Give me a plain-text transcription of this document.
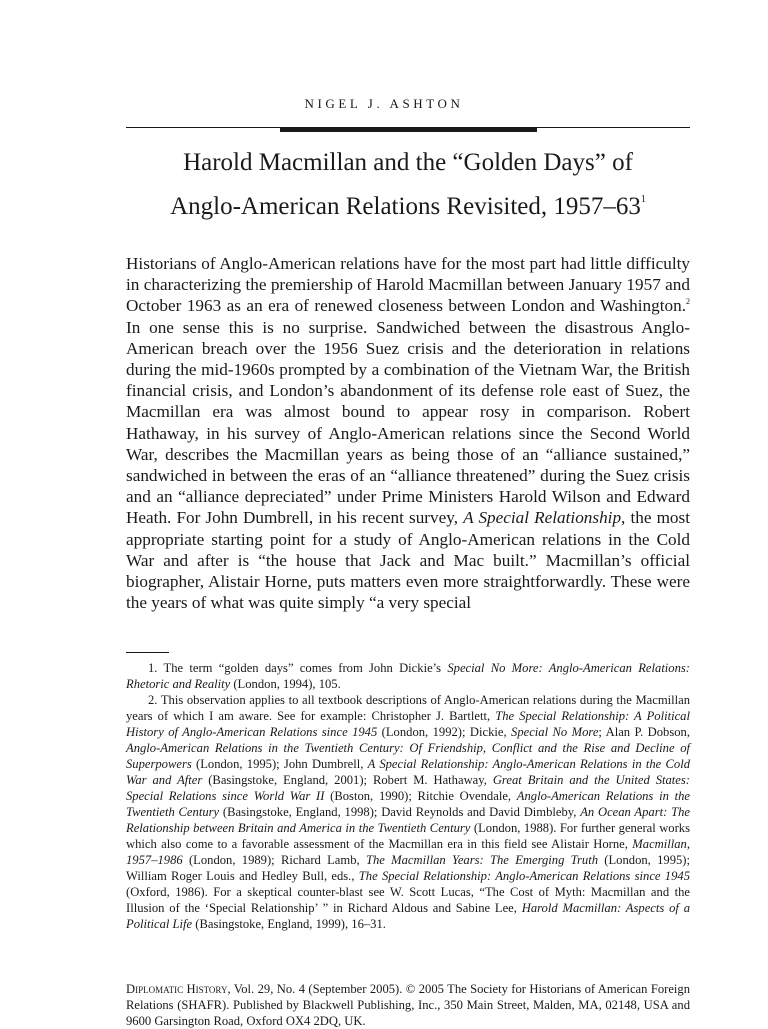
NIGEL J. ASHTON
Harold Macmillan and the “Golden Days” of
Anglo-American Relations Revisited, $1957-63^1$

Historians of Anglo-American relations have for the most part had little difficulty in characterizing the premiership of Harold Macmillan between January 1957 and October 1963 as an era of renewed closeness between London and Washington.$^2$ In one sense this is no surprise. Sandwiched between the disastrous Anglo-American breach over the 1956 Suez crisis and the deterioration in relations during the mid-1960s prompted by a combination of the Vietnam War, the British financial crisis, and London’s abandonment of its defense role east of Suez, the Macmillan era was almost bound to appear rosy in comparison. Robert Hathaway, in his survey of Anglo-American relations since the Second World War, describes the Macmillan years as being those of an “alliance sustained,” sandwiched in between the eras of an “alliance threatened” during the Suez crisis and an “alliance depreciated” under Prime Ministers Harold Wilson and Edward Heath. For John Dumbrell, in his recent survey, A Special Relationship, the most appropriate starting point for a study of Anglo-American relations in the Cold War and after is “the house that Jack and Mac built.” Macmillan’s official biographer, Alistair Horne, puts matters even more straightforwardly. These were the years of what was quite simply “a very special

1. The term “golden days” comes from John Dickie’s Special No More: Anglo-American Relations: Rhetoric and Reality (London, 1994), 105.

2. This observation applies to all textbook descriptions of Anglo-American relations during the Macmillan years of which I am aware. See for example: Christopher J. Bartlett, The Special Relationship: A Political History of Anglo-American Relations since 1945 (London, 1992); Dickie, Special No More; Alan P. Dobson, Anglo-American Relations in the Twentieth Century: Of Friendship, Conflict and the Rise and Decline of Superpowers (London, 1995); John Dumbrell, A Special Relationship: Anglo-American Relations in the Cold War and After (Basingstoke, England, 2001); Robert M. Hathaway, Great Britain and the United States: Special Relations since World War II (Boston, 1990); Ritchie Ovendale, Anglo-American Relations in the Twentieth Century (Basingstoke, England, 1998); David Reynolds and David Dimbleby, An Ocean Apart: The Relationship between Britain and America in the Twentieth Century (London, 1988). For further general works which also come to a favorable assessment of the Macmillan era in this field see Alistair Horne, Macmillan, 1957–1986 (London, 1989); Richard Lamb, The Macmillan Years: The Emerging Truth (London, 1995); William Roger Louis and Hedley Bull, eds., The Special Relationship: Anglo-American Relations since 1945 (Oxford, 1986). For a skeptical counter-blast see W. Scott Lucas, “The Cost of Myth: Macmillan and the Illusion of the ‘Special Relationship’ ” in Richard Aldous and Sabine Lee, Harold Macmillan: Aspects of a Political Life (Basingstoke, England, 1999), 16–31.

Diplomatic History, Vol. 29, No. 4 (September 2005). © 2005 The Society for Historians of American Foreign Relations (SHAFR). Published by Blackwell Publishing, Inc., 350 Main Street, Malden, MA, 02148, USA and 9600 Garsington Road, Oxford OX4 2DQ, UK.
